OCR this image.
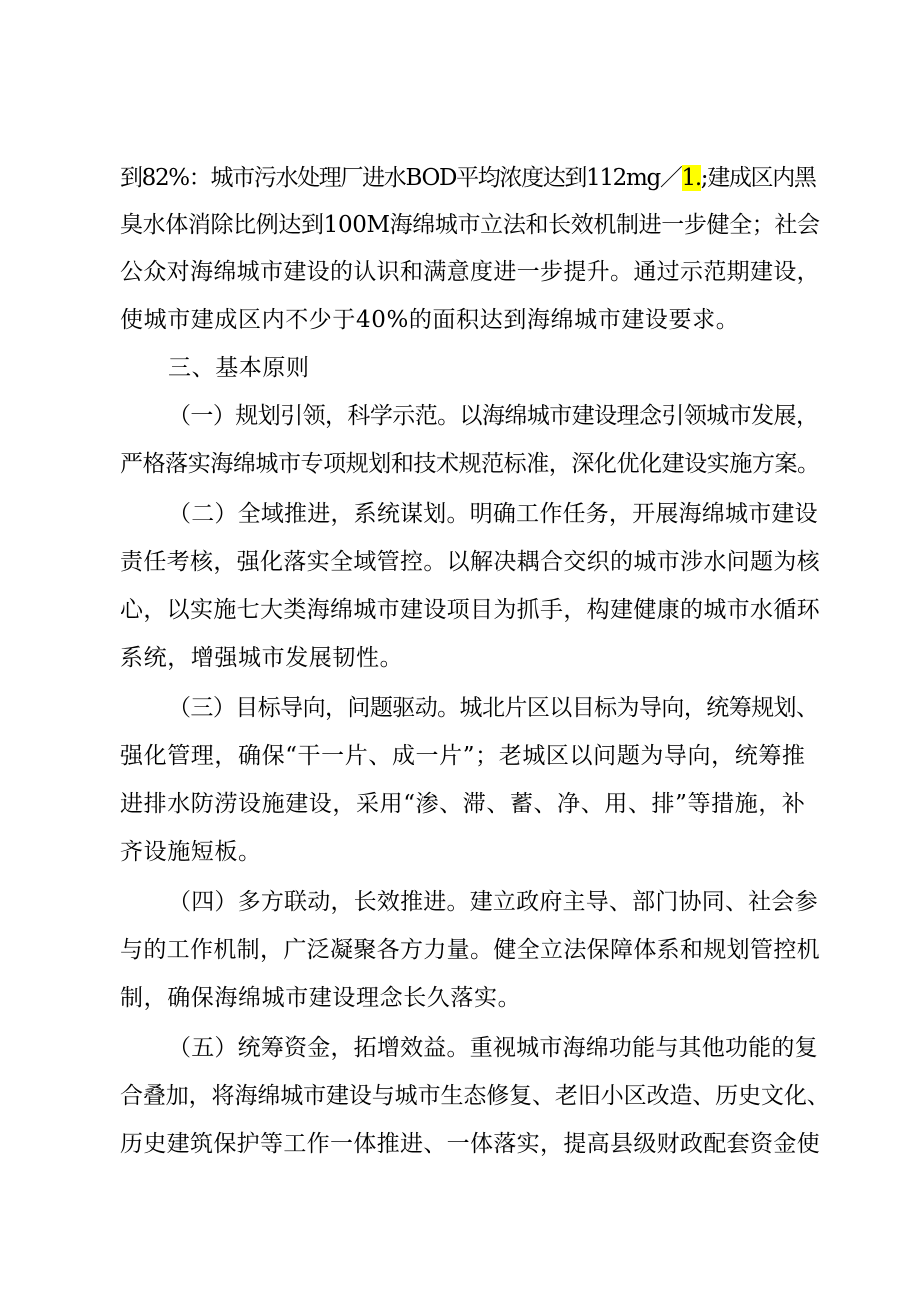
到82%：城市污水处理厂进水BOD平均浓度达到112mg／1.;建成区内黑
臭水体消除比例达到100M海绵城市立法和长效机制进一步健全；社会
公众对海绵城市建设的认识和满意度进一步提升。通过示范期建设，
使城市建成区内不少于40%的面积达到海绵城市建设要求。
三、基本原则
（一）规划引领，科学示范。以海绵城市建设理念引领城市发展，
严格落实海绵城市专项规划和技术规范标准，深化优化建设实施方案。
（二）全域推进，系统谋划。明确工作任务，开展海绵城市建设
责任考核，强化落实全域管控。以解决耦合交织的城市涉水问题为核
心，以实施七大类海绵城市建设项目为抓手，构建健康的城市水循环
系统，增强城市发展韧性。
（三）目标导向，问题驱动。城北片区以目标为导向，统筹规划、
强化管理，确保“干一片、成一片”；老城区以问题为导向，统筹推
进排水防涝设施建设，采用“渗、滞、蓄、净、用、排”等措施，补
齐设施短板。
（四）多方联动，长效推进。建立政府主导、部门协同、社会参
与的工作机制，广泛凝聚各方力量。健全立法保障体系和规划管控机
制，确保海绵城市建设理念长久落实。
（五）统筹资金，拓增效益。重视城市海绵功能与其他功能的复
合叠加，将海绵城市建设与城市生态修复、老旧小区改造、历史文化、
历史建筑保护等工作一体推进、一体落实，提高县级财政配套资金使
